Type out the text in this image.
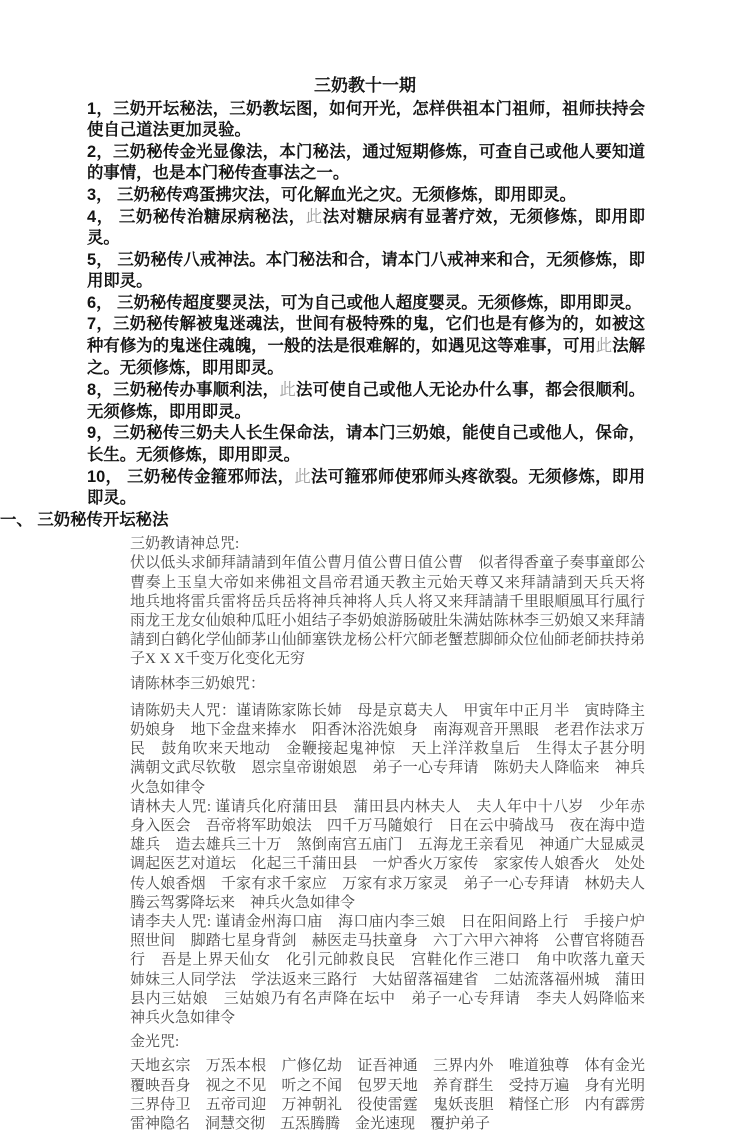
三奶教十一期

1，三奶开坛秘法，三奶教坛图，如何开光，怎样供祖本门祖师，祖师扶持会使自己道法更加灵验。

2，三奶秘传金光显像法，本门秘法，通过短期修炼，可查自己或他人要知道的事情，也是本门秘传查事法之一。

3， 三奶秘传鸡蛋拂灾法，可化解血光之灾。无须修炼，即用即灵。

4， 三奶秘传治糖尿病秘法，此法对糖尿病有显著疗效，无须修炼，即用即灵。

5， 三奶秘传八戒神法。本门秘法和合，请本门八戒神来和合，无须修炼，即用即灵。

6， 三奶秘传超度婴灵法，可为自己或他人超度婴灵。无须修炼，即用即灵。

7，三奶秘传解被鬼迷魂法，世间有极特殊的鬼，它们也是有修为的，如被这种有修为的鬼迷住魂魄，一般的法是很难解的，如遇见这等难事，可用此法解之。无须修炼，即用即灵。

8，三奶秘传办事顺利法，此法可使自己或他人无论办什么事，都会很顺利。无须修炼，即用即灵。

9，三奶秘传三奶夫人长生保命法，请本门三奶娘，能使自己或他人，保命，长生。无须修炼，即用即灵。

10， 三奶秘传金箍邪师法，此法可箍邪师使邪师头疼欲裂。无须修炼，即用即灵。

一、 三奶秘传开坛秘法

三奶教请神总咒:

伏以低头求師拜請請到年值公曹月值公曹日值公曹　似者得香童子奏事童郎公曹奏上玉皇大帝如来佛祖文昌帝君通天教主元始天尊又来拜請請到天兵天将　地兵地将雷兵雷将岳兵岳将神兵神将人兵人将又来拜請請千里眼順風耳行風行雨龙王龙女仙娘种瓜旺小姐结子李奶娘游肠破肚朱满姑陈林李三奶娘又来拜請請到白鹤化学仙師茅山仙師塞铁龙杨公杆穴師老蟹惹脚師众位仙師老師扶持弟子X X X千变万化变化无穷

请陈林李三奶娘咒：

请陈奶夫人咒：谨请陈家陈长姉　母是京葛夫人　甲寅年中正月半　寅時降主奶娘身　地下金盘来捧水　阳香沐浴洗娘身　南海观音开黑眼　老君作法求万民　鼓角吹来天地动　金鞭接起鬼神惊　天上洋洋救皇后　生得太子甚分明　满朝文武尽钦敬　恩宗皇帝谢娘恩　弟子一心专拜请　陈奶夫人降临来　神兵火急如律令

请林夫人咒: 谨请兵化府蒲田县　蒲田县内林夫人　夫人年中十八岁　少年赤身入医会　吾帝将军助娘法　四千万马隨娘行　日在云中骑战马　夜在海中造雄兵　造去雄兵三十万　煞倒南宫五庙门　五海龙王亲看见　神通广大显威灵　调起医艺对道坛　化起三千蒲田县　一炉香火万家传　家家传人娘香火　处处传人娘香烟　千家有求千家应　万家有求万家灵　弟子一心专拜请　林奶夫人腾云驾雾降坛来　神兵火急如律令

请李夫人咒: 谨请金州海口庙　海口庙内李三娘　日在阳间路上行　手接户炉照世间　脚踏七星身背剑　赫医走马扶童身　六丁六甲六神将　公曹官将随吾行　吾是上界天仙女　化引元帥救良民　宫鞋化作三港口　角中吹落九童天　姉妹三人同学法　学法返来三路行　大姑留落福建省　二姑流落福州城　蒲田县内三姑娘　三姑娘乃有名声降在坛中　弟子一心专拜请　李夫人妈降临来　神兵火急如律令

金光咒:

天地玄宗　万炁本根　广修亿劫　证吾神通　三界内外　唯道独尊　体有金光　覆映吾身　视之不见　听之不闻　包罗天地　养育群生　受持万遍　身有光明　三界侍卫　五帝司迎　万神朝礼　役使雷霆　鬼妖丧胆　精怪亡形　内有霹雳　雷神隐名　洞慧交彻　五炁腾腾　金光速现　覆护弟子
